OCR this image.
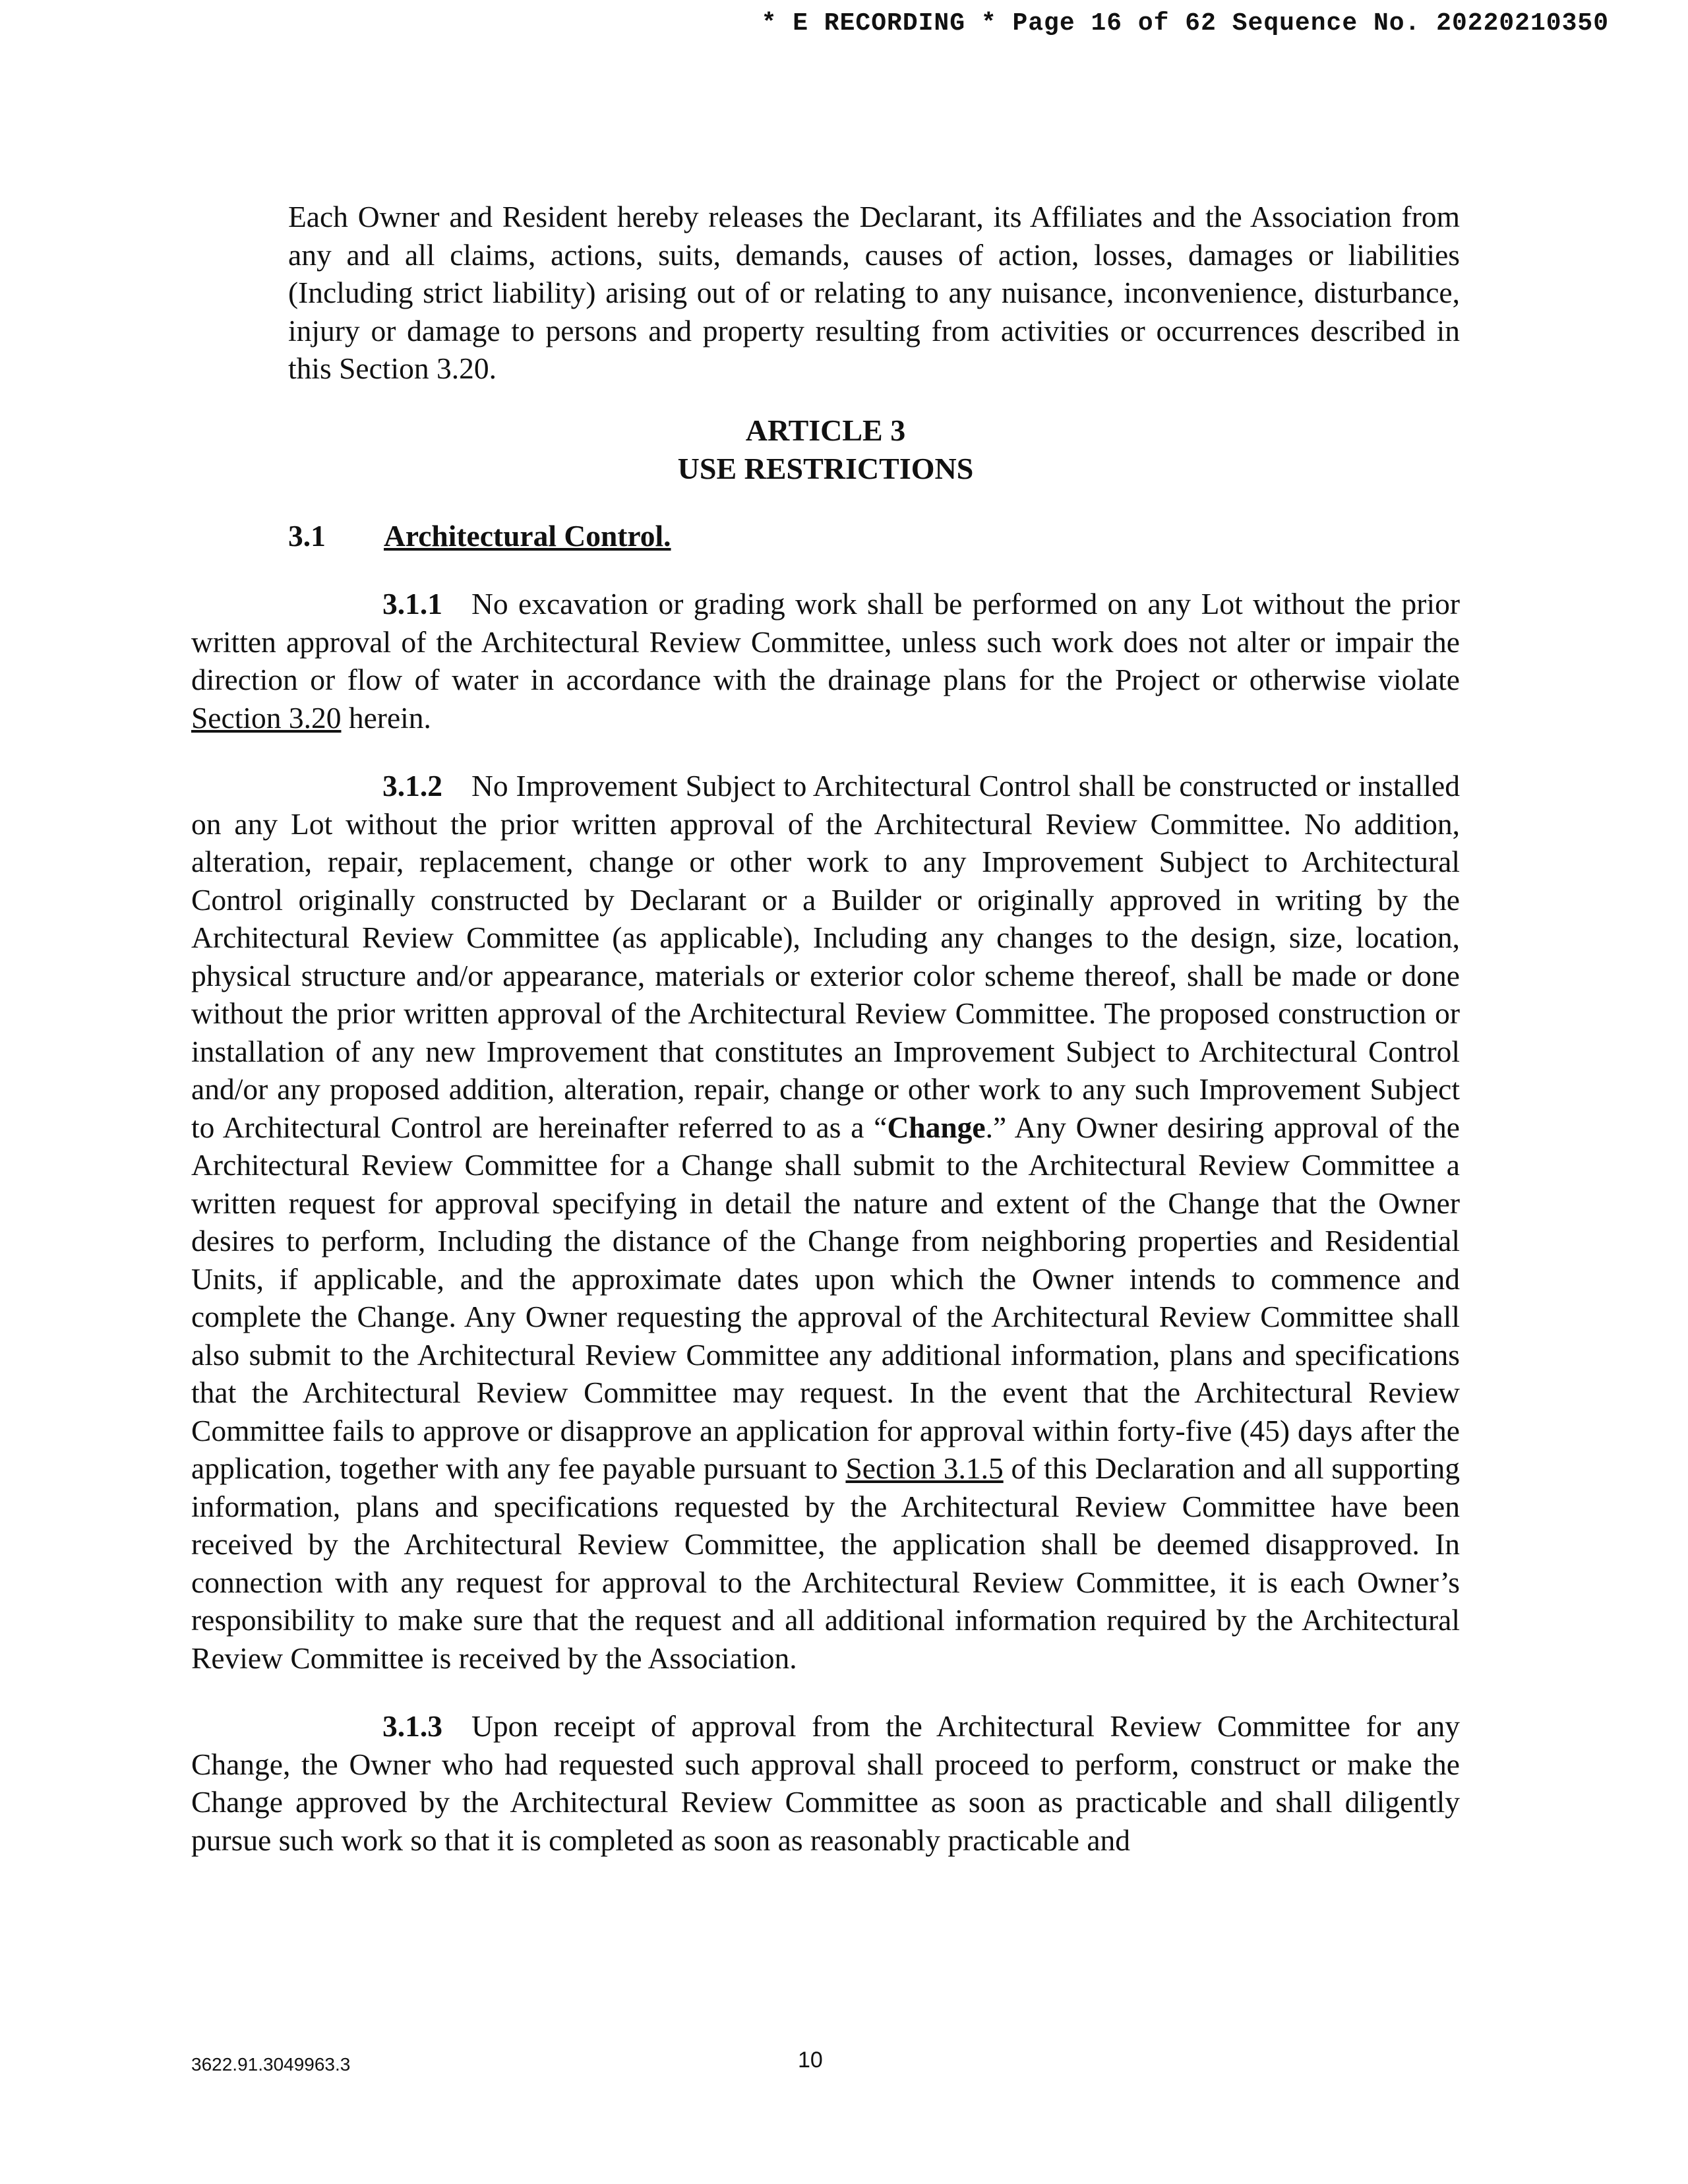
* E RECORDING * Page 16 of 62 Sequence No. 20220210350

Each Owner and Resident hereby releases the Declarant, its Affiliates and the Association from any and all claims, actions, suits, demands, causes of action, losses, damages or liabilities (Including strict liability) arising out of or relating to any nuisance, inconvenience, disturbance, injury or damage to persons and property resulting from activities or occurrences described in this Section 3.20.

ARTICLE 3
USE RESTRICTIONS
3.1 Architectural Control.

3.1.1 No excavation or grading work shall be performed on any Lot without the prior written approval of the Architectural Review Committee, unless such work does not alter or impair the direction or flow of water in accordance with the drainage plans for the Project or otherwise violate Section 3.20 herein.

3.1.2 No Improvement Subject to Architectural Control shall be constructed or installed on any Lot without the prior written approval of the Architectural Review Committee. No addition, alteration, repair, replacement, change or other work to any Improvement Subject to Architectural Control originally constructed by Declarant or a Builder or originally approved in writing by the Architectural Review Committee (as applicable), Including any changes to the design, size, location, physical structure and/or appearance, materials or exterior color scheme thereof, shall be made or done without the prior written approval of the Architectural Review Committee. The proposed construction or installation of any new Improvement that constitutes an Improvement Subject to Architectural Control and/or any proposed addition, alteration, repair, change or other work to any such Improvement Subject to Architectural Control are hereinafter referred to as a “Change.” Any Owner desiring approval of the Architectural Review Committee for a Change shall submit to the Architectural Review Committee a written request for approval specifying in detail the nature and extent of the Change that the Owner desires to perform, Including the distance of the Change from neighboring properties and Residential Units, if applicable, and the approximate dates upon which the Owner intends to commence and complete the Change. Any Owner requesting the approval of the Architectural Review Committee shall also submit to the Architectural Review Committee any additional information, plans and specifications that the Architectural Review Committee may request. In the event that the Architectural Review Committee fails to approve or disapprove an application for approval within forty-five (45) days after the application, together with any fee payable pursuant to Section 3.1.5 of this Declaration and all supporting information, plans and specifications requested by the Architectural Review Committee have been received by the Architectural Review Committee, the application shall be deemed disapproved. In connection with any request for approval to the Architectural Review Committee, it is each Owner’s responsibility to make sure that the request and all additional information required by the Architectural Review Committee is received by the Association.

3.1.3 Upon receipt of approval from the Architectural Review Committee for any Change, the Owner who had requested such approval shall proceed to perform, construct or make the Change approved by the Architectural Review Committee as soon as practicable and shall diligently pursue such work so that it is completed as soon as reasonably practicable and

3622.91.3049963.3	10
